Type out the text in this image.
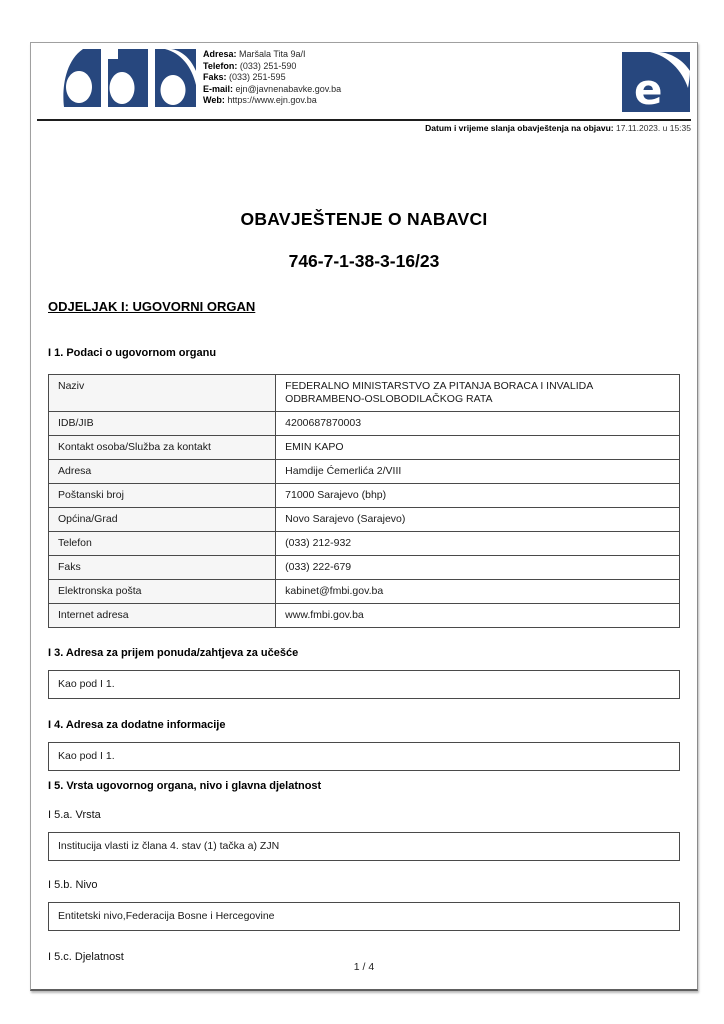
Adresa: Maršala Tita 9a/I
Telefon: (033) 251-590
Faks: (033) 251-595
E-mail: ejn@javnenabavke.gov.ba
Web: https://www.ejn.gov.ba	e
Datum i vrijeme slanja obavještenja na objavu: 17.11.2023. u 15:35
OBAVJEŠTENJE O NABAVCI
746-7-1-38-3-16/23
ODJELJAK I: UGOVORNI ORGAN
I 1. Podaci o ugovornom organu
Naziv	FEDERALNO MINISTARSTVO ZA PITANJA BORACA I INVALIDA ODBRAMBENO-OSLOBODILAČKOG RATA
IDB/JIB	4200687870003
Kontakt osoba/Služba za kontakt	EMIN KAPO
Adresa	Hamdije Ćemerlića 2/VIII
Poštanski broj	71000 Sarajevo (bhp)
Općina/Grad	Novo Sarajevo (Sarajevo)
Telefon	(033) 212-932
Faks	(033) 222-679
Elektronska pošta	kabinet@fmbi.gov.ba
Internet adresa	www.fmbi.gov.ba
I 3. Adresa za prijem ponuda/zahtjeva za učešće
Kao pod I 1.
I 4. Adresa za dodatne informacije
Kao pod I 1.
I 5. Vrsta ugovornog organa, nivo i glavna djelatnost
I 5.a. Vrsta
Institucija vlasti iz člana 4. stav (1) tačka a) ZJN
I 5.b. Nivo
Entitetski nivo,Federacija Bosne i Hercegovine
I 5.c. Djelatnost
1 / 4
